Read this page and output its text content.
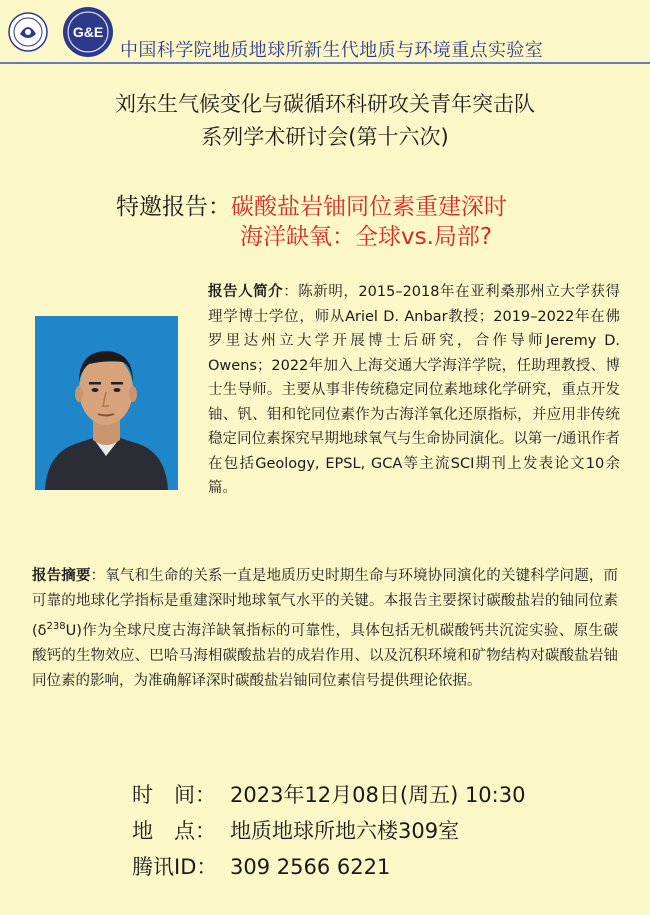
G&E
中国科学院地质地球所新生代地质与环境重点实验室
刘东生气候变化与碳循环科研攻关青年突击队
系列学术研讨会(第十六次)
特邀报告：碳酸盐岩铀同位素重建深时
海洋缺氧：全球vs.局部?
报告人简介：陈新明，2015–2018年在亚利桑那州立大学获得理学博士学位，师从Ariel D. Anbar教授；2019–2022年在佛罗里达州立大学开展博士后研究，合作导师Jeremy D. Owens；2022年加入上海交通大学海洋学院，任助理教授、博士生导师。主要从事非传统稳定同位素地球化学研究，重点开发铀、钒、钼和铊同位素作为古海洋氧化还原指标，并应用非传统稳定同位素探究早期地球氧气与生命协同演化。以第一/通讯作者在包括Geology, EPSL, GCA等主流SCI期刊上发表论文10余篇。
报告摘要：氧气和生命的关系一直是地质历史时期生命与环境协同演化的关键科学问题，而可靠的地球化学指标是重建深时地球氧气水平的关键。本报告主要探讨碳酸盐岩的铀同位素$(\delta^{238}U)$作为全球尺度古海洋缺氧指标的可靠性，具体包括无机碳酸钙共沉淀实验、原生碳酸钙的生物效应、巴哈马海相碳酸盐岩的成岩作用、以及沉积环境和矿物结构对碳酸盐岩铀同位素的影响，为准确解译深时碳酸盐岩铀同位素信号提供理论依据。
时　间： 2023年12月08日(周五) 10:30
地　点： 地质地球所地六楼309室
腾讯ID： 309 2566 6221
